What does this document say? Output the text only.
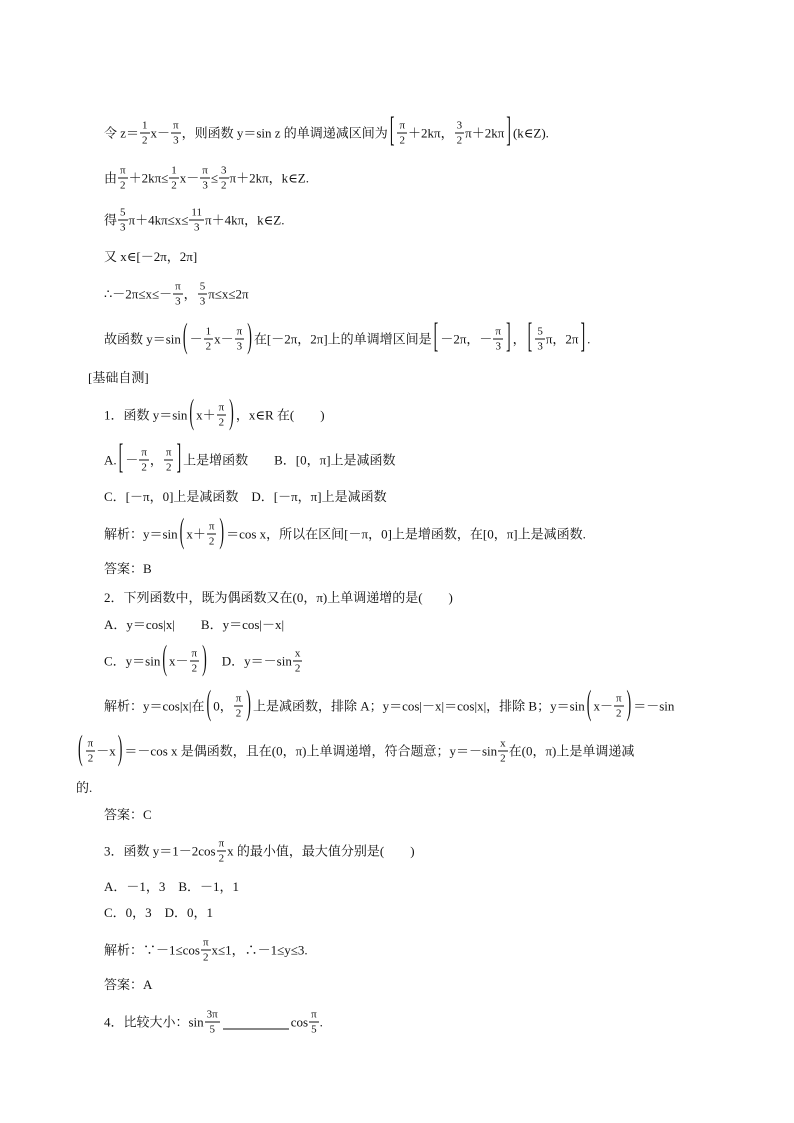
令 $z= \frac{1}{2} x- \frac{\pi}{3}$ ，则函数 y＝sin z 的单调递减区间为 [ $\frac{\pi}{2} +2k\pi$， $\frac{3}{2} \pi+2k\pi$ ] (k∈Z).
由 $\frac{\pi}{2} +2k\pi\le \frac{1}{2} x- \frac{\pi}{3} \le \frac{3}{2} \pi+2k\pi$，k∈Z.
得 $\frac{5}{3} \pi+4k\pi\le x\le \frac{11}{3} \pi+4k\pi$，k∈Z.
又 x∈[－2π，2π]
∴－2π≤x≤－ $\frac{\pi}{3}$ ， $\frac{5}{3} \pi\le x\le 2\pi$
故函数 y＝sin ( － $\frac{1}{2} x- \frac{\pi}{3}$ ) 在[－2π，2π]上的单调增区间是 [ －2π，－ $\frac{\pi}{3}$ ] ， [ $\frac{5}{3}$ π，2π ] .
[基础自测]
1．函数 y＝sin ( $x+ \frac{\pi}{2}$ ) ，x∈R 在(　　)
A. [ － $\frac{\pi}{2}$ ， $\frac{\pi}{2}$ ] 上是增函数　　B．[0，π]上是减函数
C．[－π，0]上是减函数　D．[－π，π]上是减函数
解析：y＝sin ( $x+ \frac{\pi}{2}$ ) ＝cos x，所以在区间[－π，0]上是增函数，在[0，π]上是减函数.
答案：B
2．下列函数中，既为偶函数又在(0，π)上单调递增的是(　　)
A．y＝cos|x|　　B．y＝cos|－x|
C．y＝sin ( $x- \frac{\pi}{2}$ ) 　D．$y=-\sin \frac{x}{2}$
解析：y＝cos|x|在 ( 0， $\frac{\pi}{2}$ ) 上是减函数，排除 A；y＝cos|－x|＝cos|x|，排除 B；y＝sin ( $x- \frac{\pi}{2}$ ) ＝－sin
( $\frac{\pi}{2} -x$ ) ＝－cos x 是偶函数，且在(0，π)上单调递增，符合题意；$y=-\sin \frac{x}{2}$ 在(0，π)上是单调递减
的.
答案：C
3．函数 $y=1-2\cos \frac{\pi}{2}$ x 的最小值，最大值分别是(　　)
A．－1，3　B．－1，1
C．0，3　D．0，1
解析：∵－1≤cos $\frac{\pi}{2} x\le 1$，∴－1≤y≤3.
答案：A
4．比较大小：$\sin \frac{3\pi}{5}$	$\cos \frac{\pi}{5}$ .
